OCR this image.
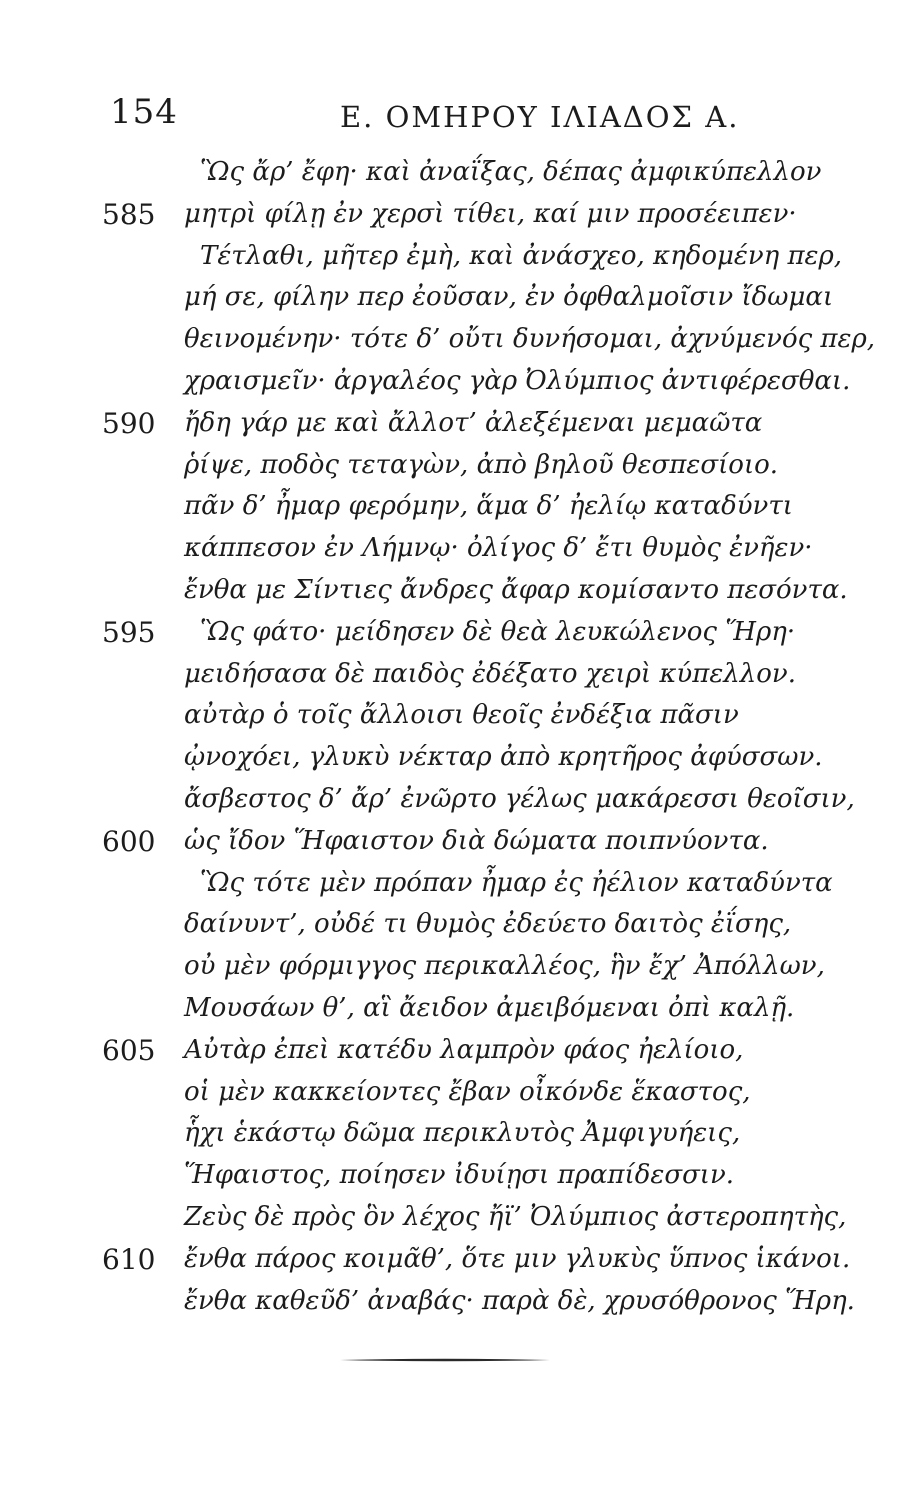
154	Ε. ΟΜΗΡΟΥ ΙΛΙΑΔΟΣ Α.
Ὣς ἄρ’ ἔφη· καὶ ἀναΐξας, δέπας ἀμφικύπελλον
585 μητρὶ φίλῃ ἐν χερσὶ τίθει, καί μιν προσέειπεν·
Τέτλαθι, μῆτερ ἐμὴ, καὶ ἀνάσχεο, κηδομένη περ,
μή σε, φίλην περ ἐοῦσαν, ἐν ὀφθαλμοῖσιν ἴδωμαι
θεινομένην· τότε δ’ οὔτι δυνήσομαι, ἀχνύμενός περ,
χραισμεῖν· ἀργαλέος γὰρ Ὀλύμπιος ἀντιφέρεσθαι.
590 ἤδη γάρ με καὶ ἄλλοτ’ ἀλεξέμεναι μεμαῶτα
ῥίψε, ποδὸς τεταγὼν, ἀπὸ βηλοῦ θεσπεσίοιο.
πᾶν δ’ ἦμαρ φερόμην, ἅμα δ’ ἠελίῳ καταδύντι
κάππεσον ἐν Λήμνῳ· ὀλίγος δ’ ἔτι θυμὸς ἐνῆεν·
ἔνθα με Σίντιες ἄνδρες ἄφαρ κομίσαντο πεσόντα.
595 Ὣς φάτο· μείδησεν δὲ θεὰ λευκώλενος Ἥρη·
μειδήσασα δὲ παιδὸς ἐδέξατο χειρὶ κύπελλον.
αὐτὰρ ὁ τοῖς ἄλλοισι θεοῖς ἐνδέξια πᾶσιν
ᾠνοχόει, γλυκὺ νέκταρ ἀπὸ κρητῆρος ἀφύσσων.
ἄσβεστος δ’ ἄρ’ ἐνῶρτο γέλως μακάρεσσι θεοῖσιν,
600 ὡς ἴδον Ἥφαιστον διὰ δώματα ποιπνύοντα.
Ὣς τότε μὲν πρόπαν ἦμαρ ἐς ἠέλιον καταδύντα
δαίνυντ’, οὐδέ τι θυμὸς ἐδεύετο δαιτὸς ἐΐσης,
οὐ μὲν φόρμιγγος περικαλλέος, ἣν ἔχ’ Ἀπόλλων,
Μουσάων θ’, αἳ ἄειδον ἀμειβόμεναι ὀπὶ καλῇ.
605 Αὐτὰρ ἐπεὶ κατέδυ λαμπρὸν φάος ἠελίοιο,
οἱ μὲν κακκείοντες ἔβαν οἶκόνδε ἕκαστος,
ἧχι ἑκάστῳ δῶμα περικλυτὸς Ἀμφιγυήεις,
Ἥφαιστος, ποίησεν ἰδυίῃσι πραπίδεσσιν.
Ζεὺς δὲ πρὸς ὃν λέχος ἤϊ’ Ὀλύμπιος ἀστεροπητὴς,
610 ἔνθα πάρος κοιμᾶθ’, ὅτε μιν γλυκὺς ὕπνος ἱκάνοι.
ἔνθα καθεῦδ’ ἀναβάς· παρὰ δὲ, χρυσόθρονος Ἥρη.
